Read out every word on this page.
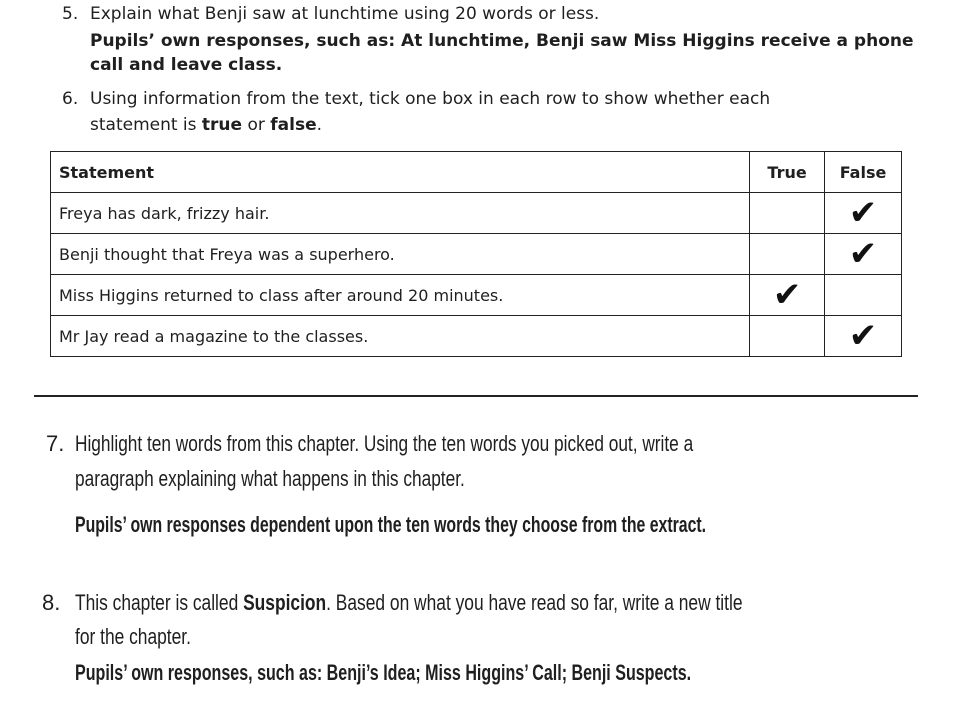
5. Explain what Benji saw at lunchtime using 20 words or less.
Pupils’ own responses, such as: At lunchtime, Benji saw Miss Higgins receive a phone
call and leave class.
6. Using information from the text, tick one box in each row to show whether each
statement is true or false.
Statement	True	False
Freya has dark, frizzy hair.		✔
Benji thought that Freya was a superhero.		✔
Miss Higgins returned to class after around 20 minutes.	✔	
Mr Jay read a magazine to the classes.		✔
7. Highlight ten words from this chapter. Using the ten words you picked out, write a
paragraph explaining what happens in this chapter.
Pupils’ own responses dependent upon the ten words they choose from the extract.
8. This chapter is called Suspicion. Based on what you have read so far, write a new title
for the chapter.
Pupils’ own responses, such as: Benji’s Idea; Miss Higgins’ Call; Benji Suspects.
